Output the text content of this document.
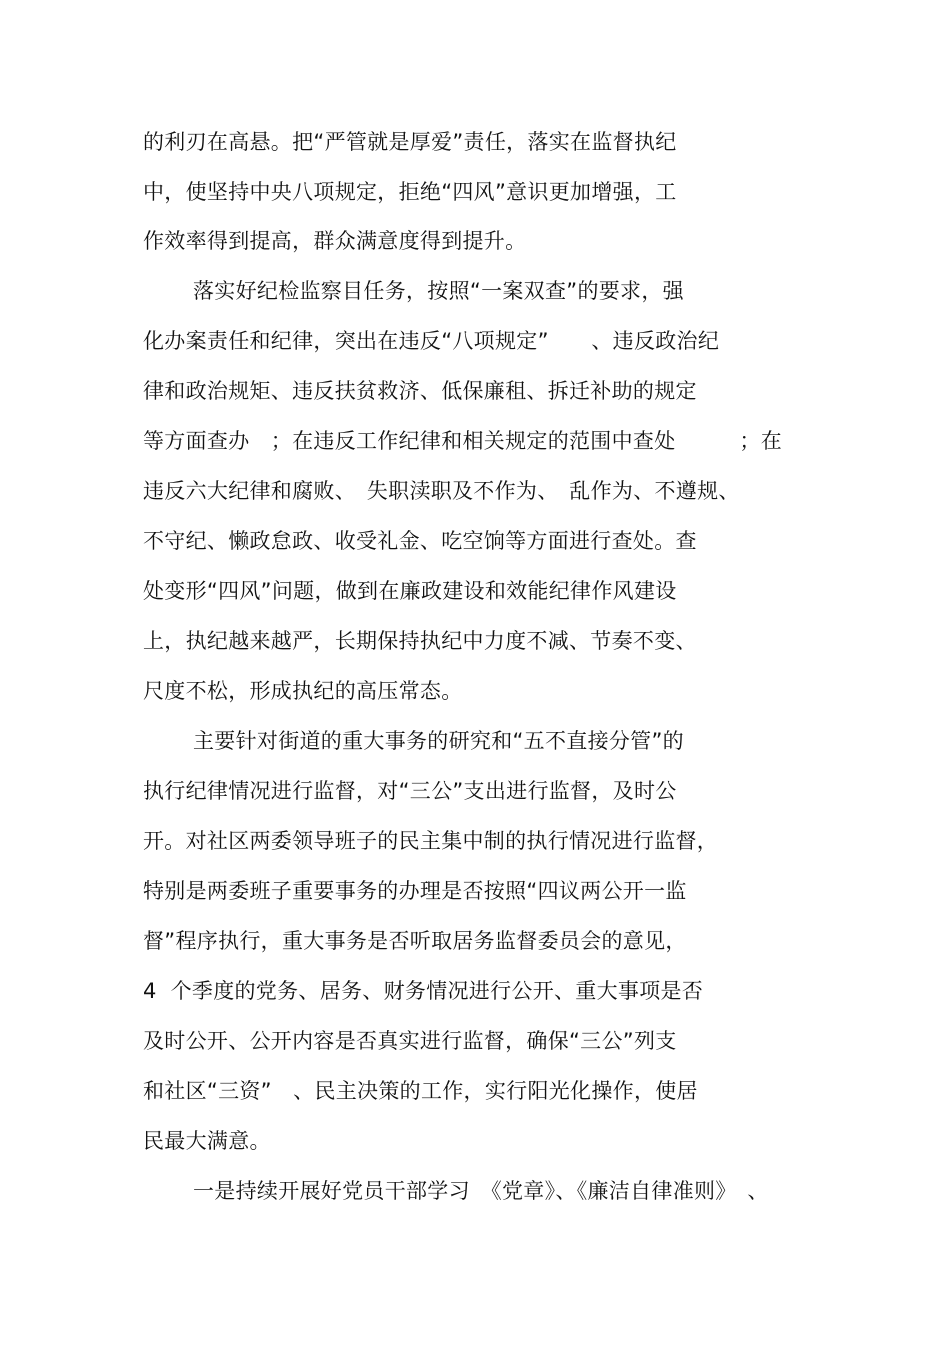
的利刃在高悬。把“严管就是厚爱”责任，落实在监督执纪
中，使坚持中央八项规定，拒绝“四风”意识更加增强，工
作效率得到提高，群众满意度得到提升。
落实好纪检监察目任务，按照“一案双查”的要求，强
化办案责任和纪律，突出在违反“八项规定”　　、违反政治纪
律和政治规矩、违反扶贫救济、低保廉租、拆迁补助的规定
等方面查办　；在违反工作纪律和相关规定的范围中查处　　　；在
违反六大纪律和腐败、　失职渎职及不作为、　乱作为、不遵规、
不守纪、懒政怠政、收受礼金、吃空饷等方面进行查处。查
处变形“四风”问题，做到在廉政建设和效能纪律作风建设
上，执纪越来越严，长期保持执纪中力度不减、节奏不变、
尺度不松，形成执纪的高压常态。
主要针对街道的重大事务的研究和“五不直接分管”的
执行纪律情况进行监督，对“三公”支出进行监督，及时公
开。对社区两委领导班子的民主集中制的执行情况进行监督，
特别是两委班子重要事务的办理是否按照“四议两公开一监
督”程序执行，重大事务是否听取居务监督委员会的意见，
4  个季度的党务、居务、财务情况进行公开、重大事项是否
及时公开、公开内容是否真实进行监督，确保“三公”列支
和社区“三资”　、民主决策的工作，实行阳光化操作，使居
民最大满意。
一是持续开展好党员干部学习　《党章》、《廉洁自律准则》　、
